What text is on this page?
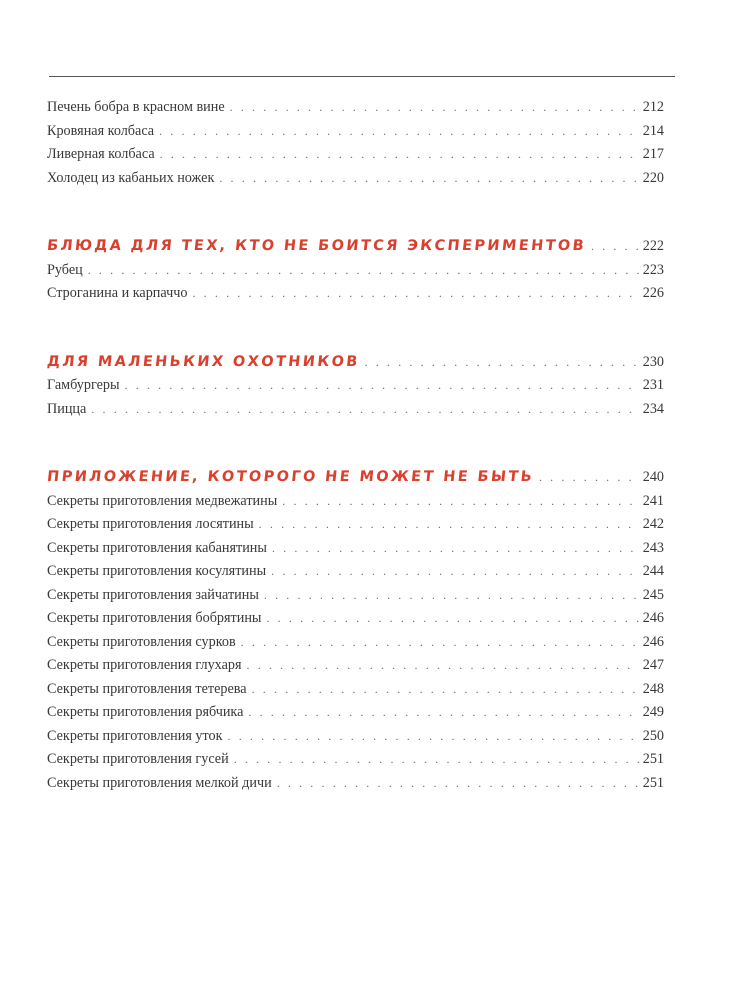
Печень бобра в красном вине . . .	212
Кровяная колбаса . . .	214
Ливерная колбаса . . .	217
Холодец из кабаньих ножек . . .	220
БЛЮДА ДЛЯ ТЕХ, КТО НЕ БОИТСЯ ЭКСПЕРИМЕНТОВ . . .	222
Рубец . . .	223
Строганина и карпаччо . . .	226
ДЛЯ МАЛЕНЬКИХ ОХОТНИКОВ . . .	230
Гамбургеры . . .	231
Пицца . . .	234
ПРИЛОЖЕНИЕ, КОТОРОГО НЕ МОЖЕТ НЕ БЫТЬ . . .	240
Секреты приготовления медвежатины . . .	241
Секреты приготовления лосятины . . .	242
Секреты приготовления кабанятины . . .	243
Секреты приготовления косулятины . . .	244
Секреты приготовления зайчатины . . .	245
Секреты приготовления бобрятины . . .	246
Секреты приготовления сурков . . .	246
Секреты приготовления глухаря . . .	247
Секреты приготовления тетерева . . .	248
Секреты приготовления рябчика . . .	249
Секреты приготовления уток . . .	250
Секреты приготовления гусей . . .	251
Секреты приготовления мелкой дичи . . .	251
